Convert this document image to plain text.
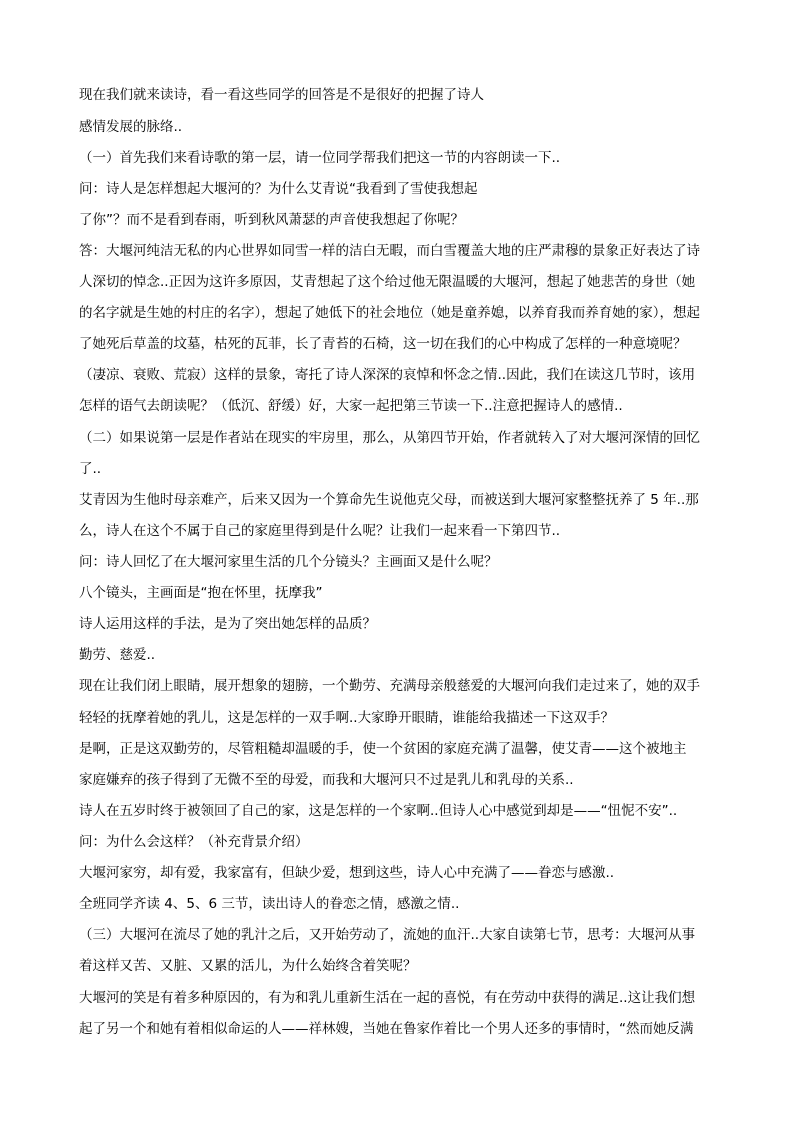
现在我们就来读诗，看一看这些同学的回答是不是很好的把握了诗人
感情发展的脉络..
（一）首先我们来看诗歌的第一层，请一位同学帮我们把这一节的内容朗读一下..
问：诗人是怎样想起大堰河的？为什么艾青说“我看到了雪使我想起
了你”？而不是看到春雨，听到秋风萧瑟的声音使我想起了你呢？
答：大堰河纯洁无私的内心世界如同雪一样的洁白无暇，而白雪覆盖大地的庄严肃穆的景象正好表达了诗
人深切的悼念..正因为这许多原因，艾青想起了这个给过他无限温暖的大堰河，想起了她悲苦的身世（她
的名字就是生她的村庄的名字），想起了她低下的社会地位（她是童养媳，以养育我而养育她的家），想起
了她死后草盖的坟墓，枯死的瓦菲，长了青苔的石椅，这一切在我们的心中构成了怎样的一种意境呢？
（凄凉、衰败、荒寂）这样的景象，寄托了诗人深深的哀悼和怀念之情..因此，我们在读这几节时，该用
怎样的语气去朗读呢？（低沉、舒缓）好，大家一起把第三节读一下..注意把握诗人的感情..
（二）如果说第一层是作者站在现实的牢房里，那么，从第四节开始，作者就转入了对大堰河深情的回忆
了..
艾青因为生他时母亲难产，后来又因为一个算命先生说他克父母，而被送到大堰河家整整抚养了 5 年..那
么，诗人在这个不属于自己的家庭里得到是什么呢？让我们一起来看一下第四节..
问：诗人回忆了在大堰河家里生活的几个分镜头？主画面又是什么呢？
八个镜头，主画面是“抱在怀里，抚摩我”
诗人运用这样的手法，是为了突出她怎样的品质？
勤劳、慈爱..
现在让我们闭上眼睛，展开想象的翅膀，一个勤劳、充满母亲般慈爱的大堰河向我们走过来了，她的双手
轻轻的抚摩着她的乳儿，这是怎样的一双手啊..大家睁开眼睛，谁能给我描述一下这双手？
是啊，正是这双勤劳的，尽管粗糙却温暖的手，使一个贫困的家庭充满了温馨，使艾青——这个被地主
家庭嫌弃的孩子得到了无微不至的母爱，而我和大堰河只不过是乳儿和乳母的关系..
诗人在五岁时终于被领回了自己的家，这是怎样的一个家啊..但诗人心中感觉到却是——“忸怩不安”..
问：为什么会这样？（补充背景介绍）
大堰河家穷，却有爱，我家富有，但缺少爱，想到这些，诗人心中充满了——眷恋与感激..
全班同学齐读 4、5、6 三节，读出诗人的眷恋之情，感激之情..
（三）大堰河在流尽了她的乳汁之后，又开始劳动了，流她的血汗..大家自读第七节，思考：大堰河从事
着这样又苦、又脏、又累的活儿，为什么始终含着笑呢？
大堰河的笑是有着多种原因的，有为和乳儿重新生活在一起的喜悦，有在劳动中获得的满足..这让我们想
起了另一个和她有着相似命运的人——祥林嫂，当她在鲁家作着比一个男人还多的事情时，“然而她反满
